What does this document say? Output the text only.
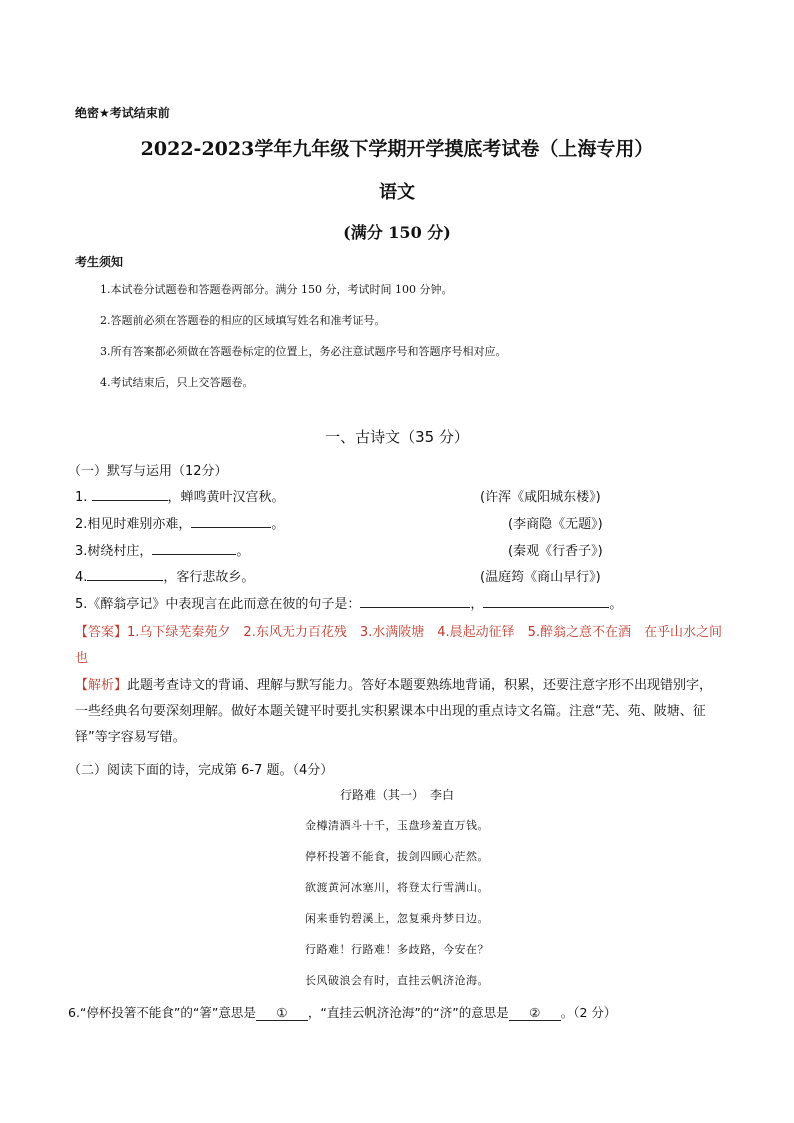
绝密★考试结束前
2022-2023学年九年级下学期开学摸底考试卷（上海专用）
语文
(满分 150 分)
考生须知
1.本试卷分试题卷和答题卷两部分。满分 150 分，考试时间 100 分钟。
2.答题前必须在答题卷的相应的区域填写姓名和准考证号。
3.所有答案都必须做在答题卷标定的位置上，务必注意试题序号和答题序号相对应。
4.考试结束后，只上交答题卷。
一、古诗文（35 分）
（一）默写与运用（12分）
1.	，蝉鸣黄叶汉宫秋。	(许浑《咸阳城东楼》)
2.相见时难别亦难，	。	(李商隐《无题》)
3.树绕村庄，	。	(秦观《行香子》)
4.	，客行悲故乡。	(温庭筠《商山早行》)
5.《醉翁亭记》中表现言在此而意在彼的句子是：	，	。
【答案】1.乌下绿芜秦苑夕　2.东风无力百花残　3.水满陂塘　4.晨起动征铎　5.醉翁之意不在酒　在乎山水之间也
【解析】此题考查诗文的背诵、理解与默写能力。答好本题要熟练地背诵，积累，还要注意字形不出现错别字，一些经典名句要深刻理解。做好本题关键平时要扎实积累课本中出现的重点诗文名篇。注意“芜、苑、陂塘、征铎”等字容易写错。
（二）阅读下面的诗，完成第 6-7 题。（4分）
行路难（其一）　李白
金樽清酒斗十千，玉盘珍羞直万钱。
停杯投箸不能食，拔剑四顾心茫然。
欲渡黄河冰塞川，将登太行雪满山。
闲来垂钓碧溪上，忽复乘舟梦日边。
行路难！行路难！多歧路，今安在？
长风破浪会有时，直挂云帆济沧海。
6.“停杯投箸不能食”的“箸”意思是 ① ，“直挂云帆济沧海”的“济”的意思是 ② 。（2 分）
